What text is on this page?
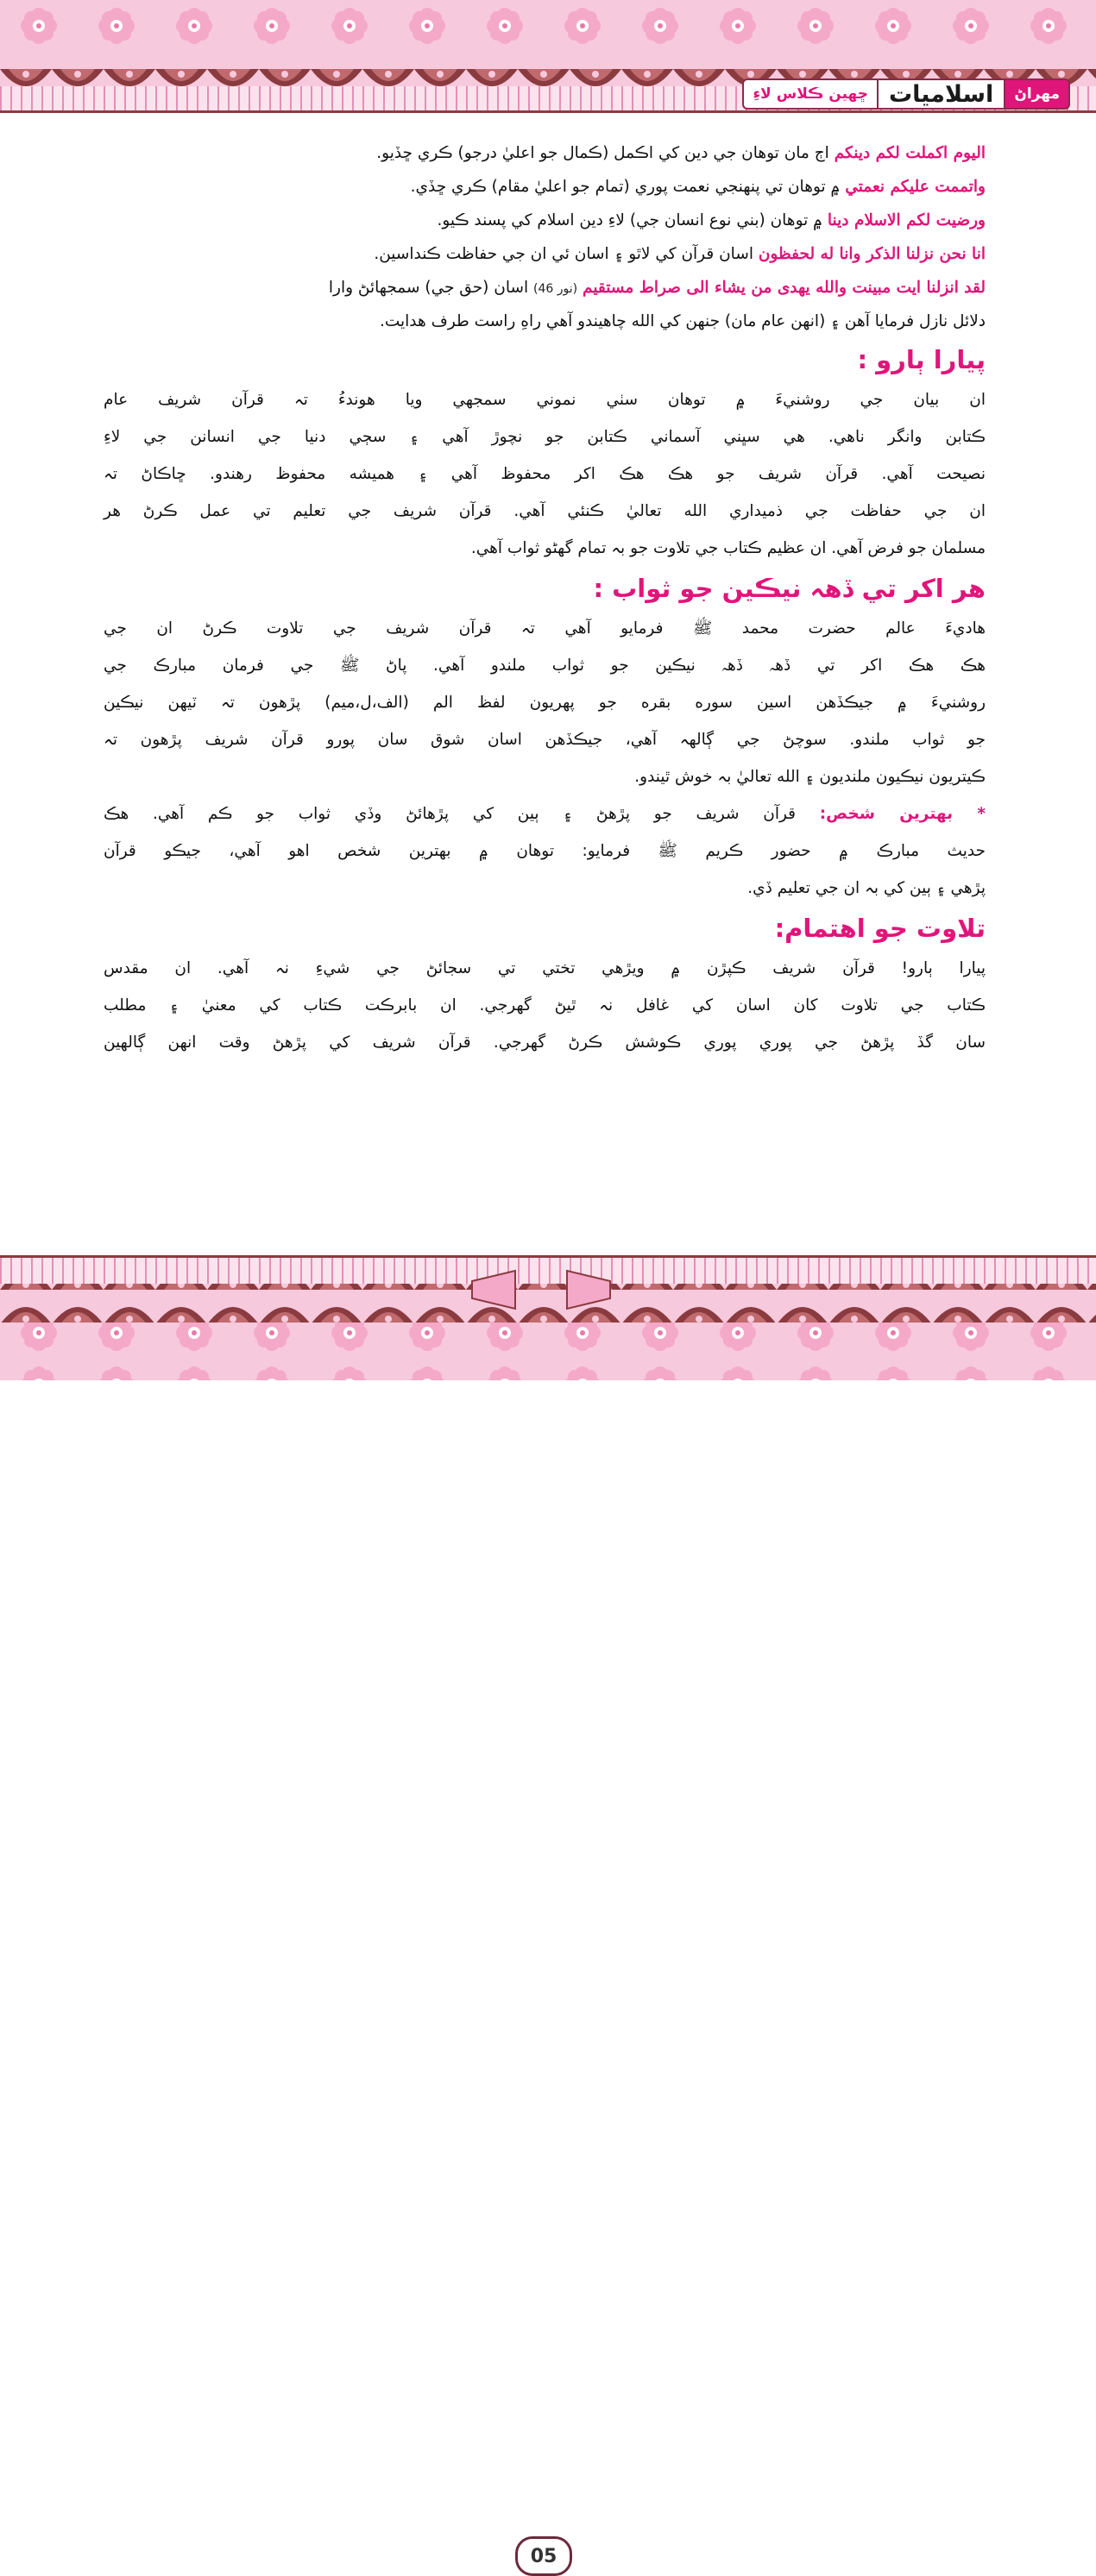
ڇهين ڪلاس لاءِ اسلاميات	مهراڻ
اليوم اكملت لكم دينكم اڄ مان توهان جي دين کي اڪمل (ڪمال جو اعليٰ درجو) ڪري ڇڏيو.
واتممت عليكم نعمتي ۾ توهان تي پنهنجي نعمت پوري (تمام جو اعليٰ مقام) ڪري ڇڏي.
ورضيت لكم الاسلام دينا ۾ توهان (بني نوع انسان جي) لاءِ دين اسلام کي پسند ڪيو.
انا نحن نزلنا الذكر وانا له لحفظون اسان قرآن کي لاٿو ۽ اسان ئي ان جي حفاظت ڪنداسين.
لقد انزلنا ايت مبينت والله يهدى من يشاء الى صراط مستقيم (نور 46) اسان (حق جي) سمجهائڻ وارا
دلائل نازل فرمايا آهن ۽ (انهن عام مان) جنهن کي الله چاهيندو آهي راهِ راست طرف هدايت.
پيارا ٻارو :
ان بيان جي روشنيءَ ۾ توهان سٺي نموني سمجهي ويا هوندءُ تہ قرآن شريف عام
ڪتابن وانگر ناهي. هي سڀني آسماني ڪتابن جو نچوڙ آهي ۽ سڄي دنيا جي انسانن جي لاءِ
نصيحت آهي. قرآن شريف جو هڪ هڪ اکر محفوظ آهي ۽ هميشه محفوظ رهندو. ڇاڪاڻ تہ
ان جي حفاظت جي ذميداري الله تعاليٰ ڪنئي آهي. قرآن شريف جي تعليم تي عمل ڪرڻ هر
مسلمان جو فرض آهي. ان عظيم ڪتاب جي تلاوت جو بہ تمام گهڻو ثواب آهي.
هر اکر تي ڏهہ نيڪين جو ثواب :
هاديءَ عالم حضرت محمد ﷺ فرمايو آهي تہ قرآن شريف جي تلاوت ڪرڻ ان جي
هڪ هڪ اکر تي ڏهہ ڏهہ نيڪين جو ثواب ملندو آهي. پاڻ ﷺ جي فرمان مبارڪ جي
روشنيءَ ۾ جيڪڏهن اسين سوره بقره جو پهريون لفظ الم (الف،ل،ميم) پڙهون تہ ٽيهن نيڪين
جو ثواب ملندو. سوچڻ جي ڳالهہ آهي، جيڪڏهن اسان شوق سان پورو قرآن شريف پڙهون تہ
ڪيتريون نيڪيون ملنديون ۽ الله تعاليٰ بہ خوش ٿيندو.
* بهترين شخص: قرآن شريف جو پڙهڻ ۽ ٻين کي پڙهائڻ وڏي ثواب جو ڪم آهي. هڪ
حديث مبارڪ ۾ حضور ڪريم ﷺ فرمايو: توهان ۾ بهترين شخص اهو آهي، جيڪو قرآن
پڙهي ۽ ٻين کي بہ ان جي تعليم ڏي.
تلاوت جو اهتمام:
پيارا ٻارو! قرآن شريف ڪپڙن ۾ ويڙهي تختي تي سجائڻ جي شيءِ نہ آهي. ان مقدس
ڪتاب جي تلاوت کان اسان کي غافل نہ ٿيڻ گهرجي. ان بابرڪت ڪتاب کي معنيٰ ۽ مطلب
سان گڏ پڙهڻ جي پوري پوري ڪوشش ڪرڻ گهرجي. قرآن شريف کي پڙهڻ وقت انهن ڳالهين
05
